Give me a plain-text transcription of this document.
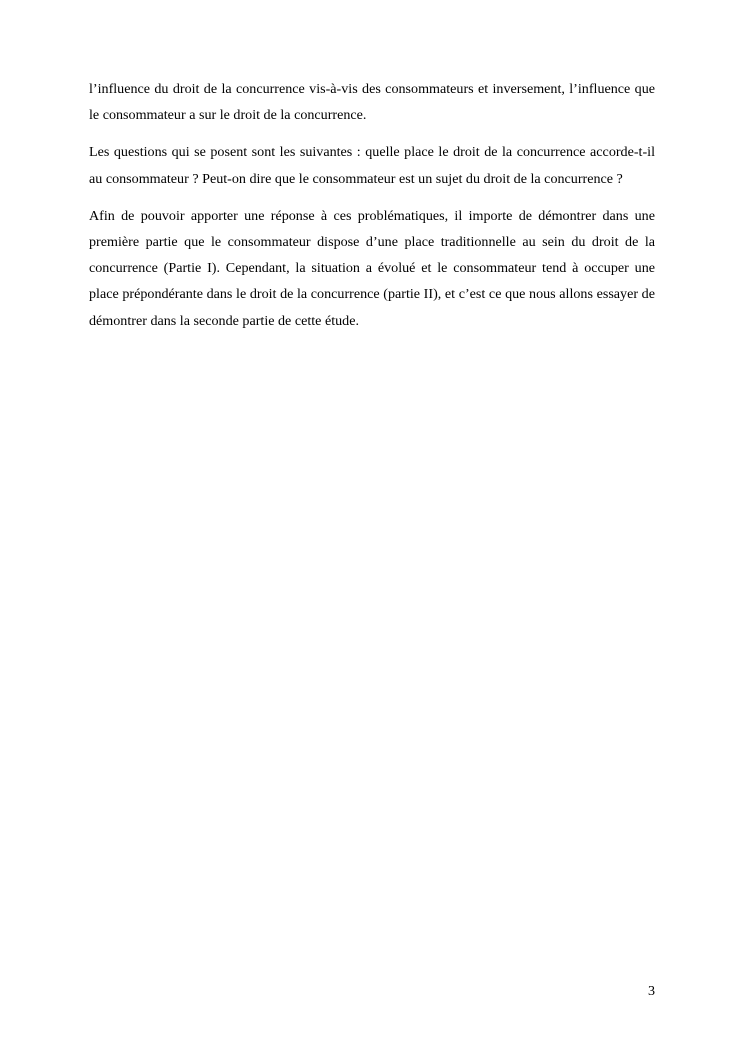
l’influence du droit de la concurrence vis-à-vis des consommateurs et inversement, l’influence que le consommateur a sur le droit de la concurrence.

Les questions qui se posent sont les suivantes : quelle place le droit de la concurrence accorde-t-il au consommateur ? Peut-on dire que le consommateur est un sujet du droit de la concurrence ?

Afin de pouvoir apporter une réponse à ces problématiques, il importe de démontrer dans une première partie que le consommateur dispose d’une place traditionnelle au sein du droit de la concurrence (Partie I). Cependant, la situation a évolué et le consommateur tend à occuper une place prépondérante dans le droit de la concurrence (partie II), et c’est ce que nous allons essayer de démontrer dans la seconde partie de cette étude.

3
